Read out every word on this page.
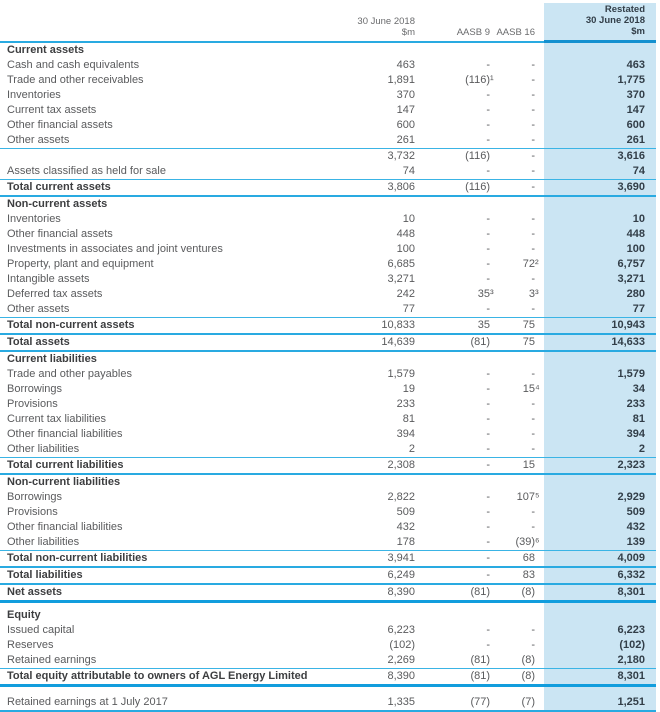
	30 June 2018
$m	AASB 9	AASB 16		Restated
30 June 2018
$m
Current assets					
Cash and cash equivalents	463	-	-		463
Trade and other receivables	1,891	(116)¹	-		1,775
Inventories	370	-	-		370
Current tax assets	147	-	-		147
Other financial assets	600	-	-		600
Other assets	261	-	-		261
	3,732	(116)	-		3,616
Assets classified as held for sale	74	-	-		74
Total current assets	3,806	(116)	-		3,690
Non-current assets					
Inventories	10	-	-		10
Other financial assets	448	-	-		448
Investments in associates and joint ventures	100	-	-		100
Property, plant and equipment	6,685	-	72²		6,757
Intangible assets	3,271	-	-		3,271
Deferred tax assets	242	35³	3³		280
Other assets	77	-	-		77
Total non-current assets	10,833	35	75		10,943
Total assets	14,639	(81)	75		14,633
Current liabilities					
Trade and other payables	1,579	-	-		1,579
Borrowings	19	-	15⁴		34
Provisions	233	-	-		233
Current tax liabilities	81	-	-		81
Other financial liabilities	394	-	-		394
Other liabilities	2	-	-		2
Total current liabilities	2,308	-	15		2,323
Non-current liabilities					
Borrowings	2,822	-	107⁵		2,929
Provisions	509	-	-		509
Other financial liabilities	432	-	-		432
Other liabilities	178	-	(39)⁶		139
Total non-current liabilities	3,941	-	68		4,009
Total liabilities	6,249	-	83		6,332
Net assets	8,390	(81)	(8)		8,301

Equity					
Issued capital	6,223	-	-		6,223
Reserves	(102)	-	-		(102)
Retained earnings	2,269	(81)	(8)		2,180
Total equity attributable to owners of AGL Energy Limited	8,390	(81)	(8)		8,301

Retained earnings at 1 July 2017	1,335	(77)	(7)		1,251
